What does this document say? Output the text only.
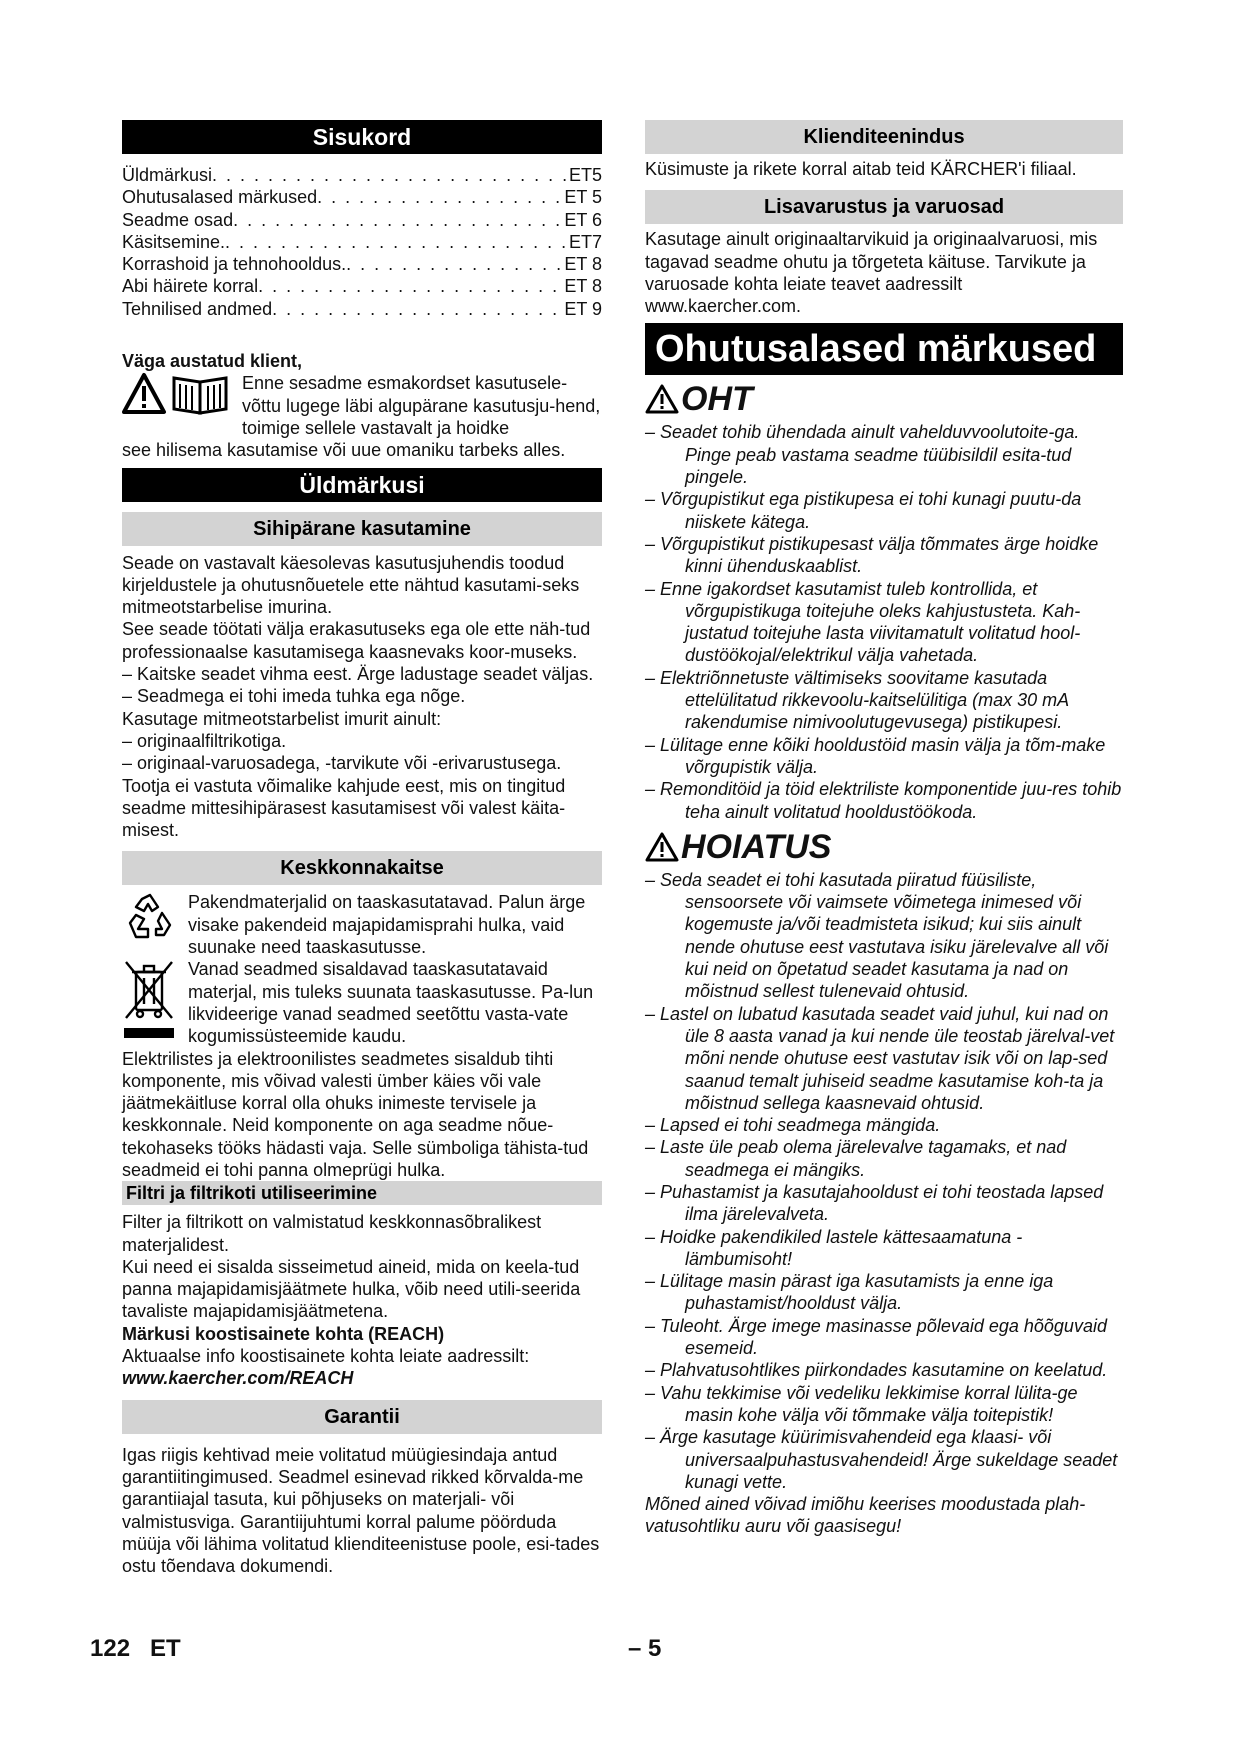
Sisukord
Üldmärkusi . . .	ET5
Ohutusalased märkused . . .	ET 5
Seadme osad . . .	ET 6
Käsitsemine. . . .	ET7
Korrashoid ja tehnohooldus. . . .	ET 8
Abi häirete korral . . .	ET 8
Tehnilised andmed . . .	ET 9

Väga austatud klient,

Enne sesadme esmakordset kasutusele-võttu lugege läbi algupärane kasutusju-hend, toimige sellele vastavalt ja hoidke

see hilisema kasutamise või uue omaniku tarbeks alles.

Üldmärkusi
Sihipärane kasutamine

Seade on vastavalt käesolevas kasutusjuhendis toodud kirjeldustele ja ohutusnõuetele ette nähtud kasutami-seks mitmeotstarbelise imurina.

See seade töötati välja erakasutuseks ega ole ette näh-tud professionaalse kasutamisega kaasnevaks koor-museks.

– Kaitske seadet vihma eest. Ärge ladustage seadet väljas.

– Seadmega ei tohi imeda tuhka ega nõge.

Kasutage mitmeotstarbelist imurit ainult:

– originaalfiltrikotiga.

– originaal-varuosadega, -tarvikute või -erivarustusega.

Tootja ei vastuta võimalike kahjude eest, mis on tingitud seadme mittesihipärasest kasutamisest või valest käita-misest.

Keskkonnakaitse

Pakendmaterjalid on taaskasutatavad. Palun ärge visake pakendeid majapidamisprahi hulka, vaid suunake need taaskasutusse.

Vanad seadmed sisaldavad taaskasutatavaid materjal, mis tuleks suunata taaskasutusse. Pa-lun likvideerige vanad seadmed seetõttu vasta-vate kogumissüsteemide kaudu.

Elektrilistes ja elektroonilistes seadmetes sisaldub tihti komponente, mis võivad valesti ümber käies või vale jäätmekäitluse korral olla ohuks inimeste tervisele ja keskkonnale. Neid komponente on aga seadme nõue-tekohaseks tööks hädasti vaja. Selle sümboliga tähista-tud seadmeid ei tohi panna olmeprügi hulka.

Filtri ja filtrikoti utiliseerimine

Filter ja filtrikott on valmistatud keskkonnasõbralikest materjalidest.

Kui need ei sisalda sisseimetud aineid, mida on keela-tud panna majapidamisjäätmete hulka, võib need utili-seerida tavaliste majapidamisjäätmetena.

Märkusi koostisainete kohta (REACH)

Aktuaalse info koostisainete kohta leiate aadressilt:

www.kaercher.com/REACH

Garantii

Igas riigis kehtivad meie volitatud müügiesindaja antud garantiitingimused. Seadmel esinevad rikked kõrvalda-me garantiiajal tasuta, kui põhjuseks on materjali- või valmistusviga. Garantiijuhtumi korral palume pöörduda müüja või lähima volitatud klienditeenistuse poole, esi-tades ostu tõendava dokumendi.

Klienditeenindus

Küsimuste ja rikete korral aitab teid KÄRCHER'i filiaal.

Lisavarustus ja varuosad

Kasutage ainult originaaltarvikuid ja originaalvaruosi, mis tagavad seadme ohutu ja tõrgeteta käituse. Tarvikute ja varuosade kohta leiate teavet aadressilt www.kaercher.com.

Ohutusalased märkused
OHT

– Seadet tohib ühendada ainult vahelduvvoolutoite-ga. Pinge peab vastama seadme tüübisildil esita-tud pingele.

– Võrgupistikut ega pistikupesa ei tohi kunagi puutu-da niiskete kätega.

– Võrgupistikut pistikupesast välja tõmmates ärge hoidke kinni ühenduskaablist.

– Enne igakordset kasutamist tuleb kontrollida, et võrgupistikuga toitejuhe oleks kahjustusteta. Kah-justatud toitejuhe lasta viivitamatult volitatud hool-dustöökojal/elektrikul välja vahetada.

– Elektriõnnetuste vältimiseks soovitame kasutada ettelülitatud rikkevoolu-kaitselülitiga (max 30 mA rakendumise nimivoolutugevusega) pistikupesi.

– Lülitage enne kõiki hooldustöid masin välja ja tõm-make võrgupistik välja.

– Remonditöid ja töid elektriliste komponentide juu-res tohib teha ainult volitatud hooldustöökoda.

HOIATUS

– Seda seadet ei tohi kasutada piiratud füüsiliste, sensoorsete või vaimsete võimetega inimesed või kogemuste ja/või teadmisteta isikud; kui siis ainult nende ohutuse eest vastutava isiku järelevalve all või kui neid on õpetatud seadet kasutama ja nad on mõistnud sellest tulenevaid ohtusid.

– Lastel on lubatud kasutada seadet vaid juhul, kui nad on üle 8 aasta vanad ja kui nende üle teostab järelval-vet mõni nende ohutuse eest vastutav isik või on lap-sed saanud temalt juhiseid seadme kasutamise koh-ta ja mõistnud sellega kaasnevaid ohtusid.

– Lapsed ei tohi seadmega mängida.

– Laste üle peab olema järelevalve tagamaks, et nad seadmega ei mängiks.

– Puhastamist ja kasutajahooldust ei tohi teostada lapsed ilma järelevalveta.

– Hoidke pakendikiled lastele kättesaamatuna - lämbumisoht!

– Lülitage masin pärast iga kasutamists ja enne iga puhastamist/hooldust välja.

– Tuleoht. Ärge imege masinasse põlevaid ega hõõguvaid esemeid.

– Plahvatusohtlikes piirkondades kasutamine on keelatud.

– Vahu tekkimise või vedeliku lekkimise korral lülita-ge masin kohe välja või tõmmake välja toitepistik!

– Ärge kasutage küürimisvahendeid ega klaasi- või universaalpuhastusvahendeid! Ärge sukeldage seadet kunagi vette.

Mõned ained võivad imiõhu keerises moodustada plah-vatusohtliku auru või gaasisegu!

122   ET	– 5
